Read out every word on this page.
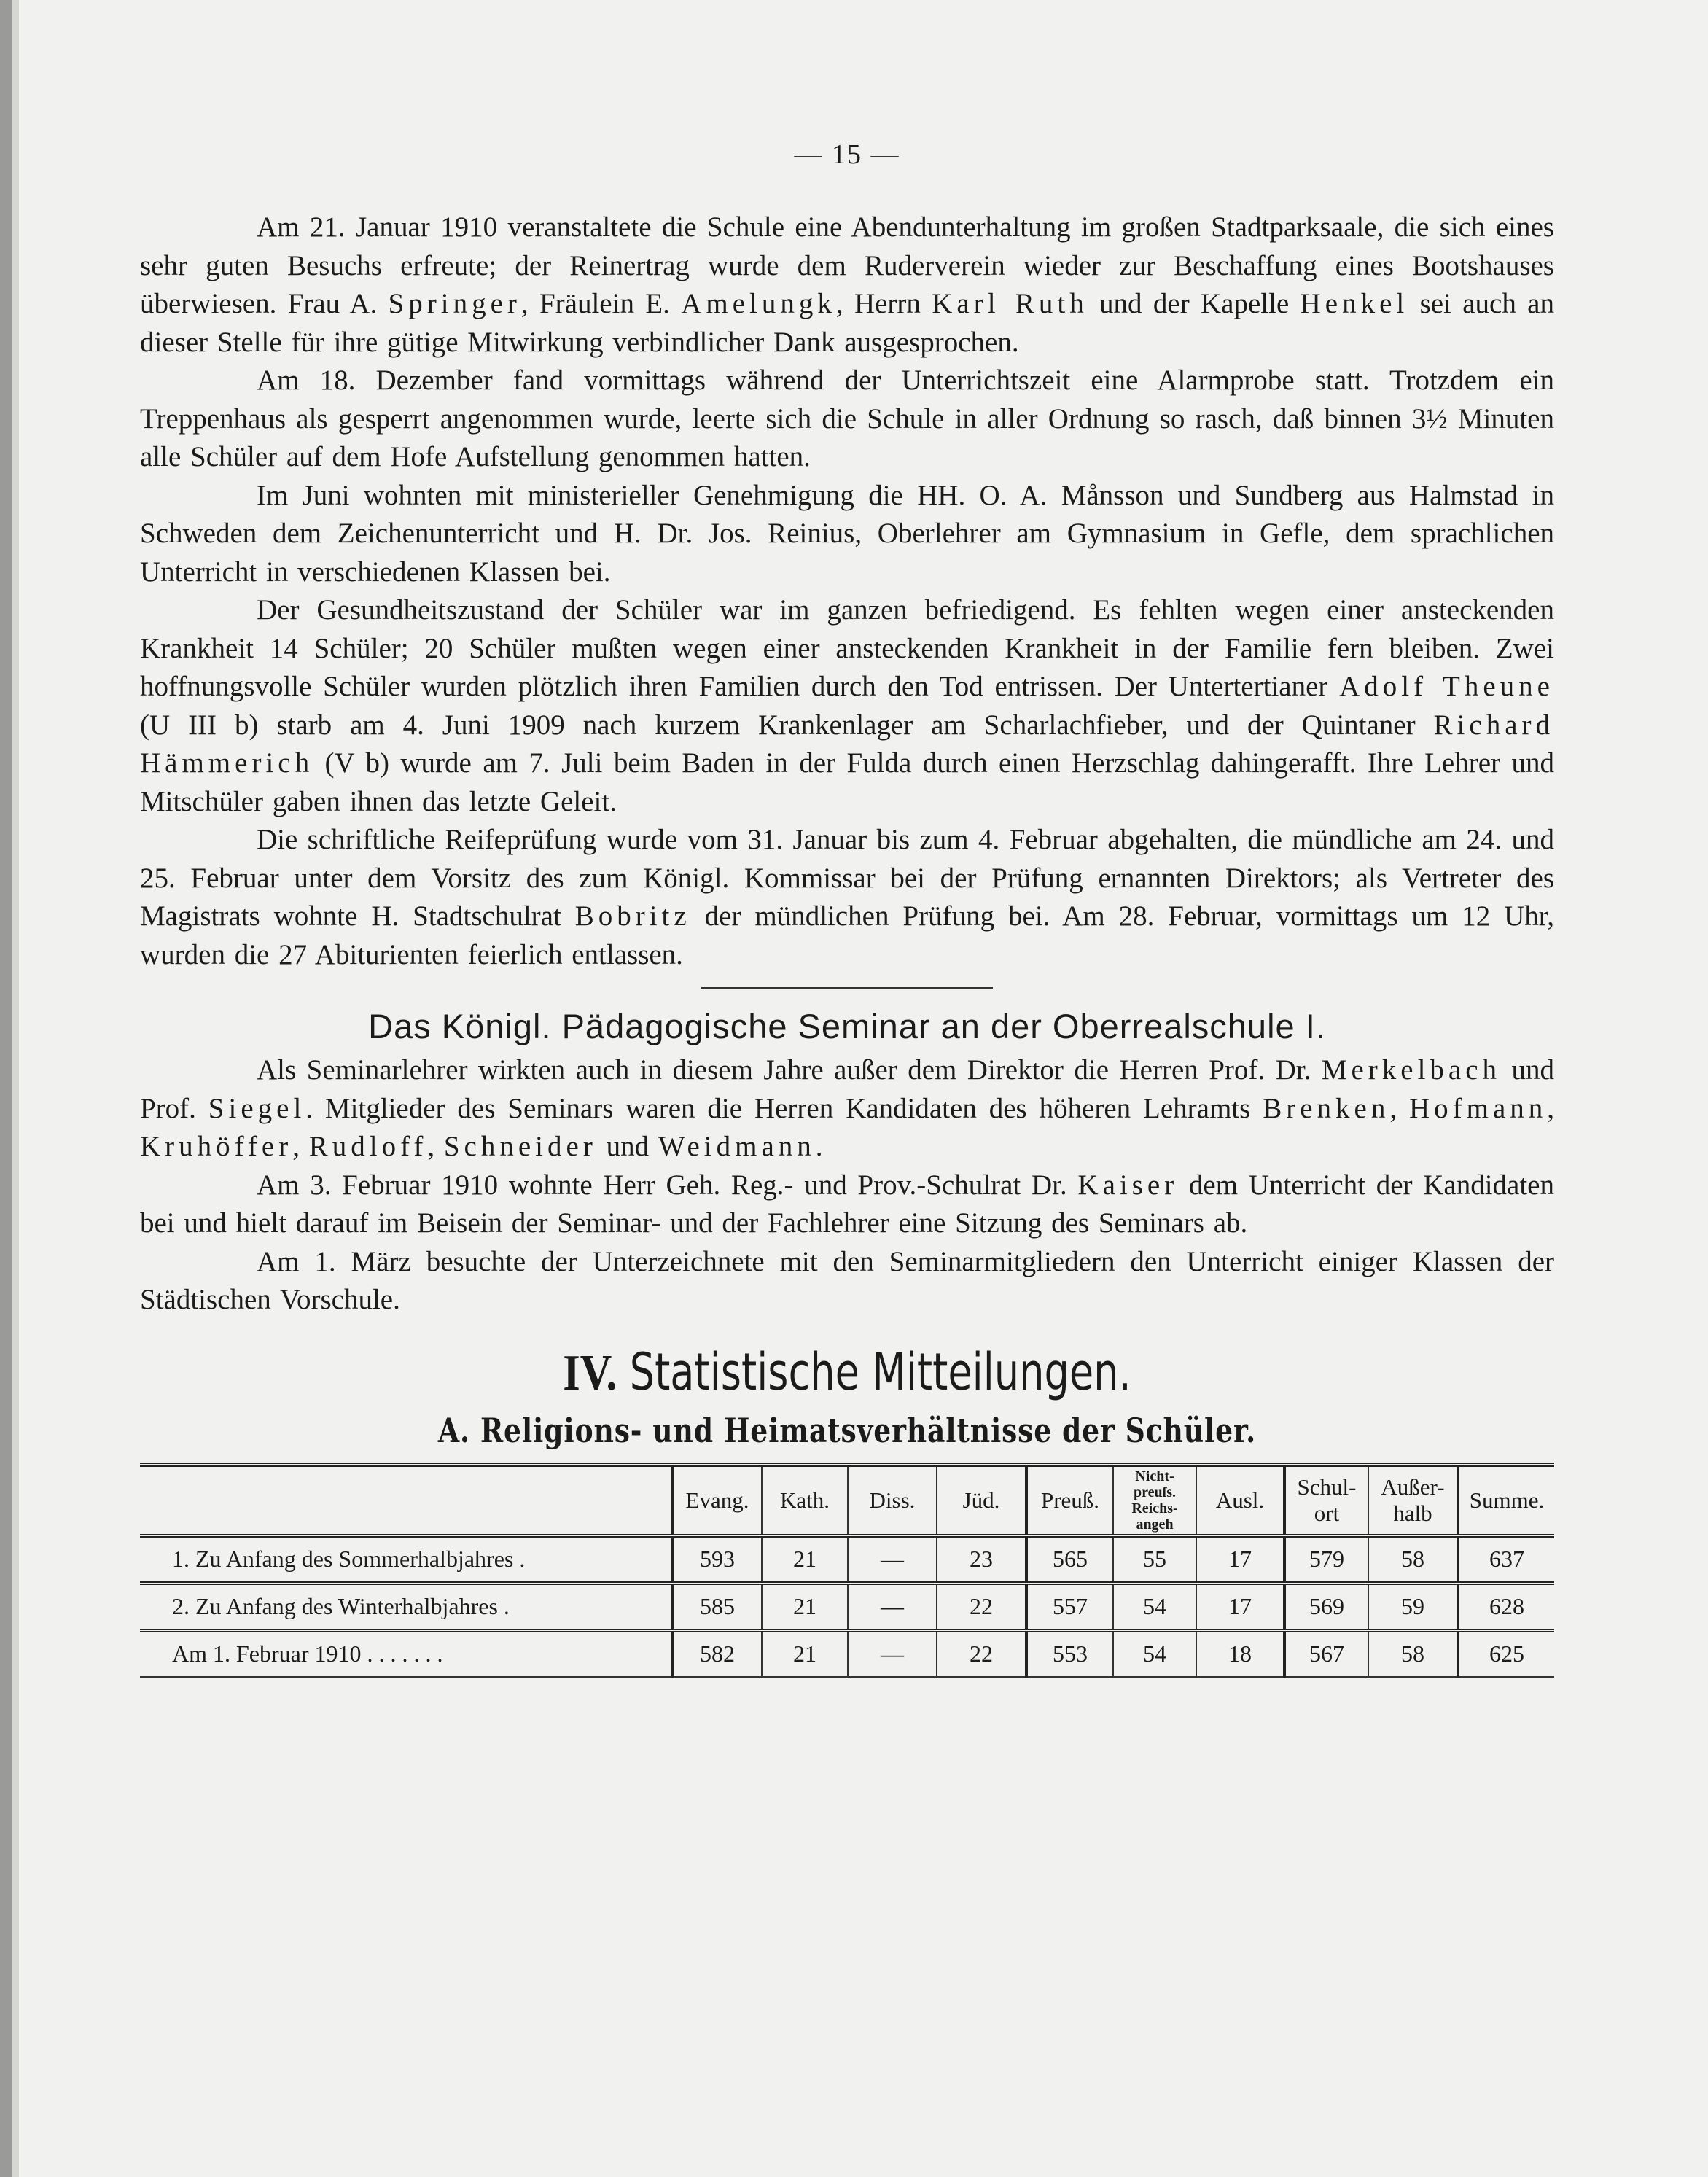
— 15 —

Am 21. Januar 1910 veranstaltete die Schule eine Abendunterhaltung im großen Stadtparksaale, die sich eines sehr guten Besuchs erfreute; der Reinertrag wurde dem Ruderverein wieder zur Beschaffung eines Bootshauses überwiesen. Frau A. Springer, Fräulein E. Amelungk, Herrn Karl Ruth und der Kapelle Henkel sei auch an dieser Stelle für ihre gütige Mitwirkung verbindlicher Dank ausgesprochen.

Am 18. Dezember fand vormittags während der Unterrichtszeit eine Alarmprobe statt. Trotzdem ein Treppenhaus als gesperrt angenommen wurde, leerte sich die Schule in aller Ordnung so rasch, daß binnen 3½ Minuten alle Schüler auf dem Hofe Aufstellung genommen hatten.

Im Juni wohnten mit ministerieller Genehmigung die HH. O. A. Månsson und Sundberg aus Halmstad in Schweden dem Zeichenunterricht und H. Dr. Jos. Reinius, Oberlehrer am Gymnasium in Gefle, dem sprachlichen Unterricht in verschiedenen Klassen bei.

Der Gesundheitszustand der Schüler war im ganzen befriedigend. Es fehlten wegen einer ansteckenden Krankheit 14 Schüler; 20 Schüler mußten wegen einer ansteckenden Krankheit in der Familie fern bleiben. Zwei hoffnungsvolle Schüler wurden plötzlich ihren Familien durch den Tod entrissen. Der Untertertianer Adolf Theune (U III b) starb am 4. Juni 1909 nach kurzem Krankenlager am Scharlachfieber, und der Quintaner Richard Hämmerich (V b) wurde am 7. Juli beim Baden in der Fulda durch einen Herzschlag dahingerafft. Ihre Lehrer und Mitschüler gaben ihnen das letzte Geleit.

Die schriftliche Reifeprüfung wurde vom 31. Januar bis zum 4. Februar abgehalten, die mündliche am 24. und 25. Februar unter dem Vorsitz des zum Königl. Kommissar bei der Prüfung ernannten Direktors; als Vertreter des Magistrats wohnte H. Stadtschulrat Bobritz der mündlichen Prüfung bei. Am 28. Februar, vormittags um 12 Uhr, wurden die 27 Abiturienten feierlich entlassen.

Das Königl. Pädagogische Seminar an der Oberrealschule I.

Als Seminarlehrer wirkten auch in diesem Jahre außer dem Direktor die Herren Prof. Dr. Merkelbach und Prof. Siegel. Mitglieder des Seminars waren die Herren Kandidaten des höheren Lehramts Brenken, Hofmann, Kruhöffer, Rudloff, Schneider und Weidmann.

Am 3. Februar 1910 wohnte Herr Geh. Reg.- und Prov.-Schulrat Dr. Kaiser dem Unterricht der Kandidaten bei und hielt darauf im Beisein der Seminar- und der Fachlehrer eine Sitzung des Seminars ab.

Am 1. März besuchte der Unterzeichnete mit den Seminarmitgliedern den Unterricht einiger Klassen der Städtischen Vorschule.

IV. Statistische Mitteilungen.
A. Religions- und Heimatsverhältnisse der Schüler.
	Evang.	Kath.	Diss.	Jüd.	Preuß.	Nicht-preuſs. Reichs-angeh	Ausl.	Schul-ort	Außer-halb	Summe.
1. Zu Anfang des Sommerhalbjahres .	593	21	—	23	565	55	17	579	58	637
2. Zu Anfang des Winterhalbjahres .	585	21	—	22	557	54	17	569	59	628
Am 1. Februar 1910 . . . . . . .	582	21	—	22	553	54	18	567	58	625
